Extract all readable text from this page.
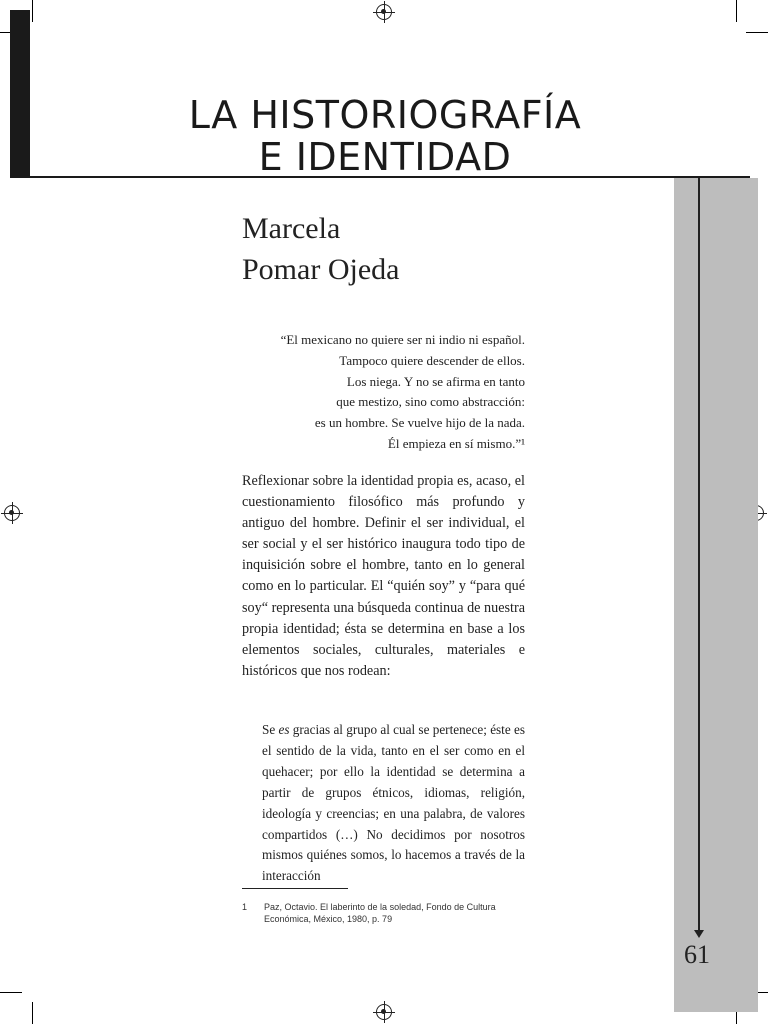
LA HISTORIOGRAFÍA
E IDENTIDAD
Marcela
Pomar Ojeda
“El mexicano no quiere ser ni indio ni español.
Tampoco quiere descender de ellos.
Los niega. Y no se afirma en tanto
que mestizo, sino como abstracción:
es un hombre. Se vuelve hijo de la nada.
Él empieza en sí mismo.”¹

Reflexionar sobre la identidad propia es, acaso, el cuestionamiento filosófico más profundo y antiguo del hombre. Definir el ser individual, el ser social y el ser histórico inaugura todo tipo de inquisición sobre el hombre, tanto en lo general como en lo particular. El “quién soy” y “para qué soy“ representa una búsqueda continua de nuestra propia identidad; ésta se determina en base a los elementos sociales, culturales, materiales e históricos que nos rodean:

Se es gracias al grupo al cual se pertenece; éste es el sentido de la vida, tanto en el ser como en el quehacer; por ello la identidad se determina a partir de grupos étnicos, idiomas, religión, ideología y creencias; en una palabra, de valores compartidos (…) No decidimos por nosotros mismos quiénes somos, lo hacemos a través de la interacción

1 Paz, Octavio. El laberinto de la soledad, Fondo de Cultura Económica, México, 1980, p. 79
61
